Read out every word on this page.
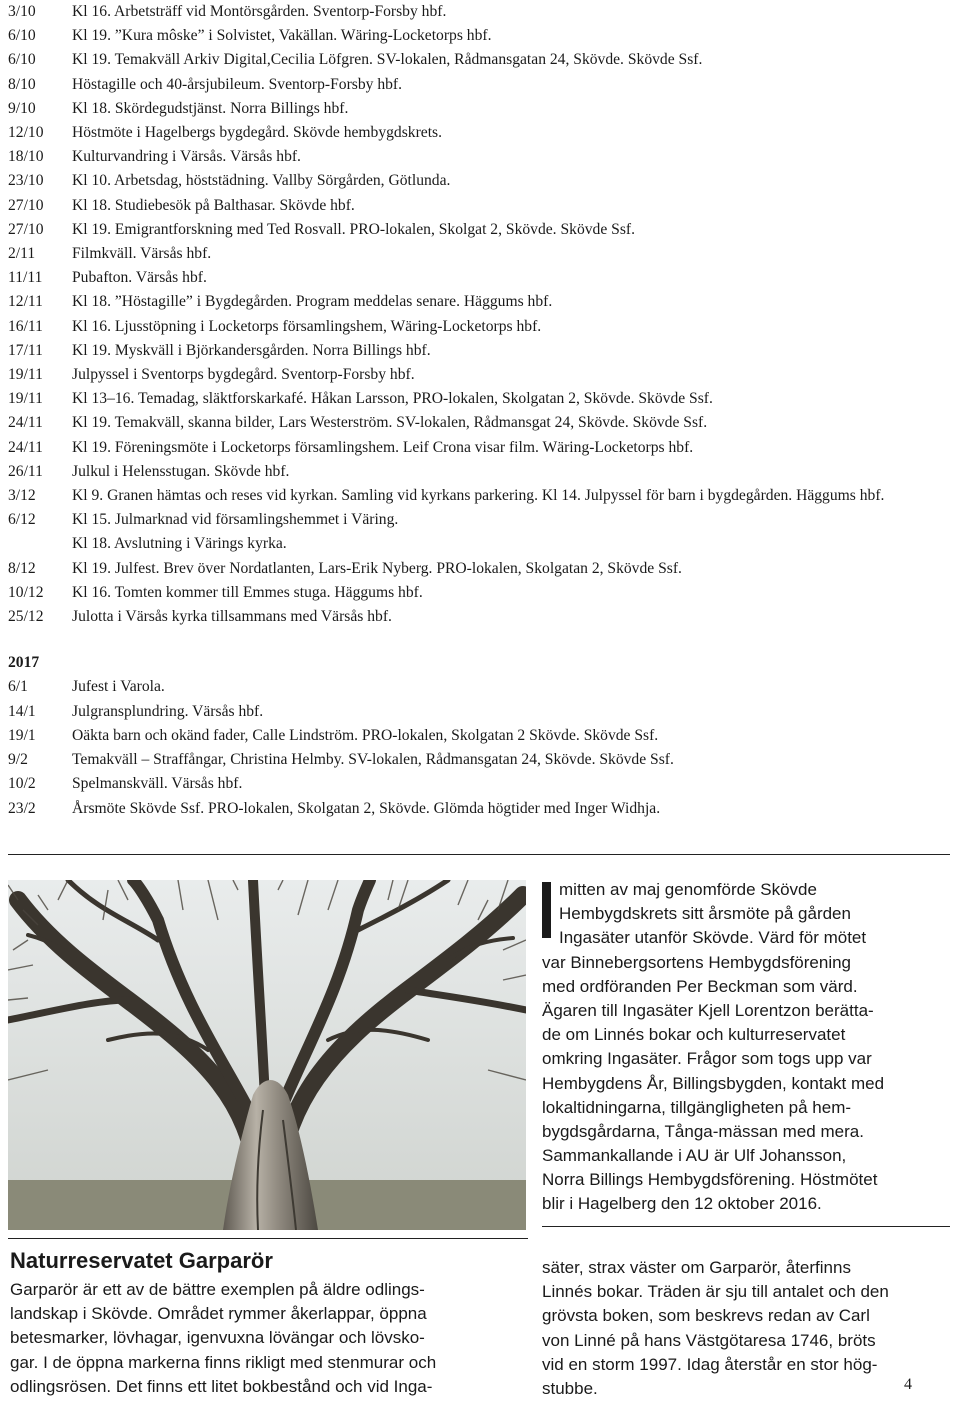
3/10	Kl 16. Arbetsträff vid Montörsgården. Sventorp-Forsby hbf.
6/10	Kl 19. ”Kura môske” i Solvistet, Vakällan. Wäring-Locketorps hbf.
6/10	Kl 19. Temakväll Arkiv Digital,Cecilia Löfgren. SV-lokalen, Rådmansgatan 24, Skövde. Skövde Ssf.
8/10	Höstagille och 40-årsjubileum. Sventorp-Forsby hbf.
9/10	Kl 18. Skördegudstjänst. Norra Billings hbf.
12/10	Höstmöte i Hagelbergs bygdegård. Skövde hembygdskrets.
18/10	Kulturvandring i Värsås. Värsås hbf.
23/10	Kl 10. Arbetsdag, höststädning. Vallby Sörgården, Götlunda.
27/10	Kl 18. Studiebesök på Balthasar. Skövde hbf.
27/10	Kl 19. Emigrantforskning med Ted Rosvall. PRO-lokalen, Skolgat 2, Skövde. Skövde Ssf.
2/11	Filmkväll. Värsås hbf.
11/11	Pubafton. Värsås hbf.
12/11	Kl 18. ”Höstagille” i Bygdegården. Program meddelas senare. Häggums hbf.
16/11	Kl 16. Ljusstöpning i Locketorps församlingshem, Wäring-Locketorps hbf.
17/11	Kl 19. Myskväll i Björkandersgården. Norra Billings hbf.
19/11	Julpyssel i Sventorps bygdegård. Sventorp-Forsby hbf.
19/11	Kl 13–16. Temadag, släktforskarkafé. Håkan Larsson, PRO-lokalen, Skolgatan 2, Skövde. Skövde Ssf.
24/11	Kl 19. Temakväll, skanna bilder, Lars Westerström. SV-lokalen, Rådmansgat 24, Skövde. Skövde Ssf.
24/11	Kl 19. Föreningsmöte i Locketorps församlingshem. Leif Crona visar film. Wäring-Locketorps hbf.
26/11	Julkul i Helensstugan. Skövde hbf.
3/12	Kl 9. Granen hämtas och reses vid kyrkan. Samling vid kyrkans parkering. Kl 14. Julpyssel för barn i bygdegården. Häggums hbf.
6/12	Kl 15. Julmarknad vid församlingshemmet i Väring.
Kl 18. Avslutning i Värings kyrka.
8/12	Kl 19. Julfest. Brev över Nordatlanten, Lars-Erik Nyberg. PRO-lokalen, Skolgatan 2, Skövde Ssf.
10/12	Kl 16. Tomten kommer till Emmes stuga. Häggums hbf.
25/12	Julotta i Värsås kyrka tillsammans med Värsås hbf.
2017
6/1	Jufest i Varola.
14/1	Julgransplundring. Värsås hbf.
19/1	Oäkta barn och okänd fader, Calle Lindström. PRO-lokalen, Skolgatan 2 Skövde. Skövde Ssf.
9/2	Temakväll – Straffångar, Christina Helmby. SV-lokalen, Rådmansgatan 24, Skövde. Skövde Ssf.
10/2	Spelmanskväll. Värsås hbf.
23/2	Årsmöte Skövde Ssf. PRO-lokalen, Skolgatan 2, Skövde. Glömda högtider med Inger Widhja.
mitten av maj genomförde Skövde
Hembygdskrets sitt årsmöte på gården
Ingasäter utanför Skövde. Värd för mötet
var Binnebergsortens Hembygdsförening
med ordföranden Per Beckman som värd.
Ägaren till Ingasäter Kjell Lorentzon berätta-
de om Linnés bokar och kulturreservatet
omkring Ingasäter. Frågor som togs upp var
Hembygdens År, Billingsbygden, kontakt med
lokaltidningarna, tillgängligheten på hem-
bygdsgårdarna, Tånga-mässan med mera.
Sammankallande i AU är Ulf Johansson,
Norra Billings Hembygdsförening. Höstmötet
blir i Hagelberg den 12 oktober 2016.
Naturreservatet Garparör
Garparör är ett av de bättre exemplen på äldre odlings-
landskap i Skövde. Området rymmer åkerlappar, öppna
betesmarker, lövhagar, igenvuxna lövängar och lövsko-
gar. I de öppna markerna finns rikligt med stenmurar och
odlingsrösen. Det finns ett litet bokbestånd och vid Inga-
säter, strax väster om Garparör, återfinns
Linnés bokar. Träden är sju till antalet och den
grövsta boken, som beskrevs redan av Carl
von Linné på hans Västgötaresa 1746, bröts
vid en storm 1997. Idag återstår en stor hög-
stubbe.	4
